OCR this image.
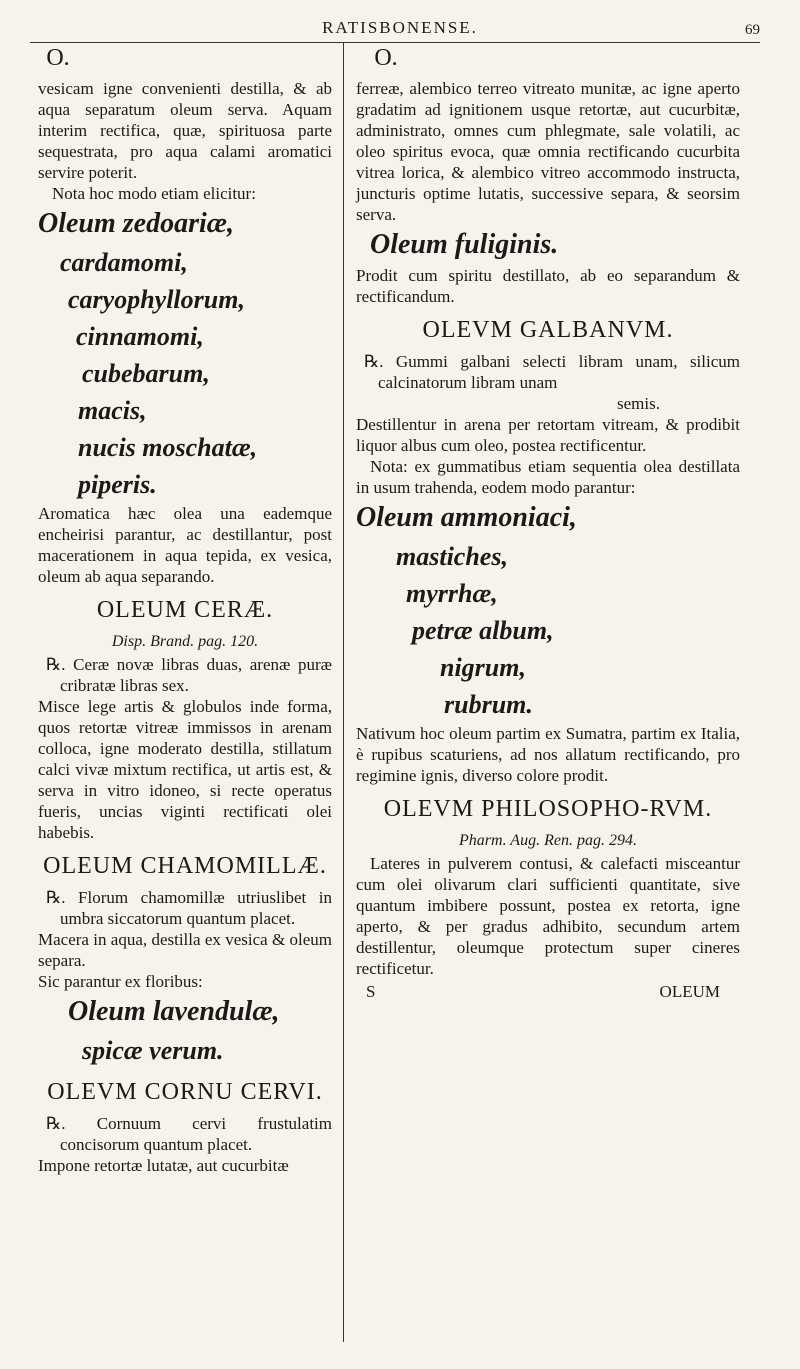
RATISBONENSE.	69
O.

vesicam igne convenienti destilla, & ab aqua separatum oleum serva. Aquam interim rectifica, quæ, spirituosa parte sequestrata, pro aqua calami aromatici servire poterit.

Nota hoc modo etiam elicitur:

Oleum zedoariæ,

cardamomi,

caryophyllorum,

cinnamomi,

cubebarum,

macis,

nucis moschatæ,

piperis.

Aromatica hæc olea una eademque encheirisi parantur, ac destillantur, post macerationem in aqua tepida, ex vesica, oleum ab aqua separando.

OLEUM CERÆ.
Disp. Brand. pag. 120.

℞. Ceræ novæ libras duas, arenæ puræ cribratæ libras sex.

Misce lege artis & globulos inde forma, quos retortæ vitreæ immissos in arenam colloca, igne moderato destilla, stillatum calci vivæ mixtum rectifica, ut artis est, & serva in vitro idoneo, si recte operatus fueris, uncias viginti rectificati olei habebis.

OLEUM CHAMOMILLÆ.

℞. Florum chamomillæ utriuslibet in umbra siccatorum quantum placet.

Macera in aqua, destilla ex vesica & oleum separa.

Sic parantur ex floribus:

Oleum lavendulæ,

spicæ verum.

OLEVM CORNU CERVI.

℞. Cornuum cervi frustulatim concisorum quantum placet.

Impone retortæ lutatæ, aut cucurbitæ

O.

ferreæ, alembico terreo vitreato munitæ, ac igne aperto gradatim ad ignitionem usque retortæ, aut cucurbitæ, administrato, omnes cum phlegmate, sale volatili, ac oleo spiritus evoca, quæ omnia rectificando cucurbita vitrea lorica, & alembico vitreo accommodo instructa, juncturis optime lutatis, successive separa, & seorsim serva.

Oleum fuliginis.

Prodit cum spiritu destillato, ab eo separandum & rectificandum.

OLEVM GALBANVM.

℞. Gummi galbani selecti libram unam, silicum calcinatorum libram unam

semis.

Destillentur in arena per retortam vitream, & prodibit liquor albus cum oleo, postea rectificentur.

Nota: ex gummatibus etiam sequentia olea destillata in usum trahenda, eodem modo parantur:

Oleum ammoniaci,

mastiches,

myrrhæ,

petræ album,

nigrum,

rubrum.

Nativum hoc oleum partim ex Sumatra, partim ex Italia, è rupibus scaturiens, ad nos allatum rectificando, pro regimine ignis, diverso colore prodit.

OLEVM PHILOSOPHO-RVM.
Pharm. Aug. Ren. pag. 294.

Lateres in pulverem contusi, & calefacti misceantur cum olei olivarum clari sufficienti quantitate, sive quantum imbibere possunt, postea ex retorta, igne aperto, & per gradus adhibito, secundum artem destillentur, oleumque protectum super cineres rectificetur.

S	OLEUM
